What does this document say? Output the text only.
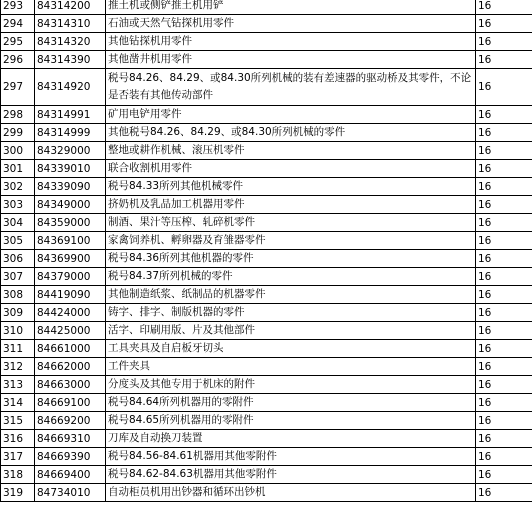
293	84314200	推土机或侧铲推土机用铲	16
294	84314310	石油或天然气钻探机用零件	16
295	84314320	其他钻探机用零件	16
296	84314390	其他凿井机用零件	16
297	84314920	税号84.26、84.29、或84.30所列机械的装有差速器的驱动桥及其零件，不论是否装有其他传动部件	16
298	84314991	矿用电铲用零件	16
299	84314999	其他税号84.26、84.29、或84.30所列机械的零件	16
300	84329000	整地或耕作机械、滚压机零件	16
301	84339010	联合收割机用零件	16
302	84339090	税号84.33所列其他机械零件	16
303	84349000	挤奶机及乳品加工机器用零件	16
304	84359000	制酒、果汁等压榨、轧碎机零件	16
305	84369100	家禽饲养机、孵卵器及育雏器零件	16
306	84369900	税号84.36所列其他机器的零件	16
307	84379000	税号84.37所列机械的零件	16
308	84419090	其他制造纸浆、纸制品的机器零件	16
309	84424000	铸字、排字、制版机器的零件	16
310	84425000	活字、印刷用版、片及其他部件	16
311	84661000	工具夹具及自启板牙切头	16
312	84662000	工件夹具	16
313	84663000	分度头及其他专用于机床的附件	16
314	84669100	税号84.64所列机器用的零附件	16
315	84669200	税号84.65所列机器用的零附件	16
316	84669310	刀库及自动换刀装置	16
317	84669390	税号84.56-84.61机器用其他零附件	16
318	84669400	税号84.62-84.63机器用其他零附件	16
319	84734010	自动柜员机用出钞器和循环出钞机	16
